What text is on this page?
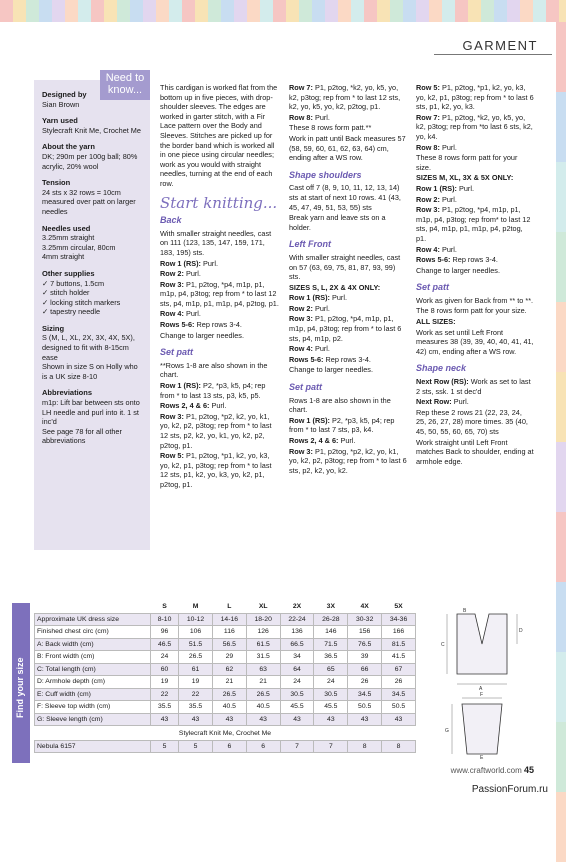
GARMENT
Designed by

Sian Brown

Yarn used

Stylecraft Knit Me, Crochet Me

About the yarn

DK; 290m per 100g ball; 80% acrylic, 20% wool

Tension

24 sts x 32 rows = 10cm measured over patt on larger needles

Needles used

3.25mm straight
3.25mm circular, 80cm
4mm straight

Other supplies

✓ 7 buttons, 1.5cm
✓ stitch holder
✓ locking stitch markers
✓ tapestry needle

Sizing

S (M, L, XL, 2X, 3X, 4X, 5X), designed to fit with 8-15cm ease
Shown in size S on Holly who is a UK size 8-10

Abbreviations

m1p: Lift bar between sts onto LH needle and purl into it. 1 st inc'd
See page 78 for all other abbreviations

Need to know...	This cardigan is worked flat from the bottom up in five pieces, with drop-shoulder sleeves. The edges are worked in garter stitch, with a Fir Lace pattern over the Body and Sleeves. Stitches are picked up for the border band which is worked all in one piece using circular needles; work as you would with straight needles, turning at the end of each row.

Start knitting...
Back
With smaller straight needles, cast on 111 (123, 135, 147, 159, 171, 183, 195) sts.
Row 1 (RS): Purl.
Row 2: Purl.
Row 3: P1, p2tog, *p4, m1p, p1, m1p, p4, p3tog; rep from * to last 12 sts, p4, m1p, p1, m1p, p4, p2tog, p1.
Row 4: Purl.
Rows 5-6: Rep rows 3-4.
Change to larger needles.
Set patt
**Rows 1-8 are also shown in the chart.
Row 1 (RS): P2, *p3, k5, p4; rep from * to last 13 sts, p3, k5, p5.
Rows 2, 4 & 6: Purl.
Row 3: P1, p2tog, *p2, k2, yo, k1, yo, k2, p2, p3tog; rep from * to last 12 sts, p2, k2, yo, k1, yo, k2, p2, p2tog, p1.
Row 5: P1, p2tog, *p1, k2, yo, k3, yo, k2, p1, p3tog; rep from * to last 12 sts, p1, k2, yo, k3, yo, k2, p1, p2tog, p1.
Row 7: P1, p2tog, *k2, yo, k5, yo, k2, p3tog; rep from * to last 12 sts, k2, yo, k5, yo, k2, p2tog, p1.
Row 8: Purl.
These 8 rows form patt.**
Work in patt until Back measures 57 (58, 59, 60, 61, 62, 63, 64) cm, ending after a WS row.
Shape shoulders
Cast off 7 (8, 9, 10, 11, 12, 13, 14) sts at start of next 10 rows. 41 (43, 45, 47, 49, 51, 53, 55) sts
Break yarn and leave sts on a holder.
Left Front
With smaller straight needles, cast on 57 (63, 69, 75, 81, 87, 93, 99) sts.
SIZES S, L, 2X & 4X ONLY:
Row 1 (RS): Purl.
Row 2: Purl.
Row 3: P1, p2tog, *p4, m1p, p1, m1p, p4, p3tog; rep from * to last 6 sts, p4, m1p, p2.
Row 4: Purl.
Rows 5-6: Rep rows 3-4.
Change to larger needles.
Set patt
Rows 1-8 are also shown in the chart.
Row 1 (RS): P2, *p3, k5, p4; rep from * to last 7 sts, p3, k4.
Rows 2, 4 & 6: Purl.
Row 3: P1, p2tog, *p2, k2, yo, k1, yo, k2, p2, p3tog; rep from * to last 6 sts, p2, k2, yo, k2.
Row 5: P1, p2tog, *p1, k2, yo, k3, yo, k2, p1, p3tog; rep from * to last 6 sts, p1, k2, yo, k3.
Row 7: P1, p2tog, *k2, yo, k5, yo, k2, p3tog; rep from *to last 6 sts, k2, yo, k4.
Row 8: Purl.
These 8 rows form patt for your size.
SIZES M, XL, 3X & 5X ONLY:
Row 1 (RS): Purl.
Row 2: Purl.
Row 3: P1, p2tog, *p4, m1p, p1, m1p, p4, p3tog; rep from* to last 12 sts, p4, m1p, p1, m1p, p4, p2tog, p1.
Row 4: Purl.
Rows 5-6: Rep rows 3-4.
Change to larger needles.
Set patt
Work as given for Back from ** to **.
The 8 rows form patt for your size.
ALL SIZES:
Work as set until Left Front measures 38 (39, 39, 40, 40, 41, 41, 42) cm, ending after a WS row.
Shape neck
Next Row (RS): Work as set to last 2 sts, ssk. 1 st dec'd
Next Row: Purl.
Rep these 2 rows 21 (22, 23, 24, 25, 26, 27, 28) more times. 35 (40, 45, 50, 55, 60, 65, 70) sts
Work straight until Left Front matches Back to shoulder, ending at armhole edge.
Find your size
	S	M	L	XL	2X	3X	4X	5X
Approximate UK dress size	8-10	10-12	14-16	18-20	22-24	26-28	30-32	34-36
Finished chest circ (cm)	96	106	116	126	136	146	156	166
A: Back width (cm)	46.5	51.5	56.5	61.5	66.5	71.5	76.5	81.5
B: Front width (cm)	24	26.5	29	31.5	34	36.5	39	41.5
C: Total length (cm)	60	61	62	63	64	65	66	67
D: Armhole depth (cm)	19	19	21	21	24	24	26	26
E: Cuff width (cm)	22	22	26.5	26.5	30.5	30.5	34.5	34.5
F: Sleeve top width (cm)	35.5	35.5	40.5	40.5	45.5	45.5	50.5	50.5
G: Sleeve length (cm)	43	43	43	43	43	43	43	43
Stylecraft Knit Me, Crochet Me								
Nebula 6157	5	5	6	6	7	7	8	8
C
D
A
B
F
G
E
www.craftworld.com 45
PassionForum.ru
